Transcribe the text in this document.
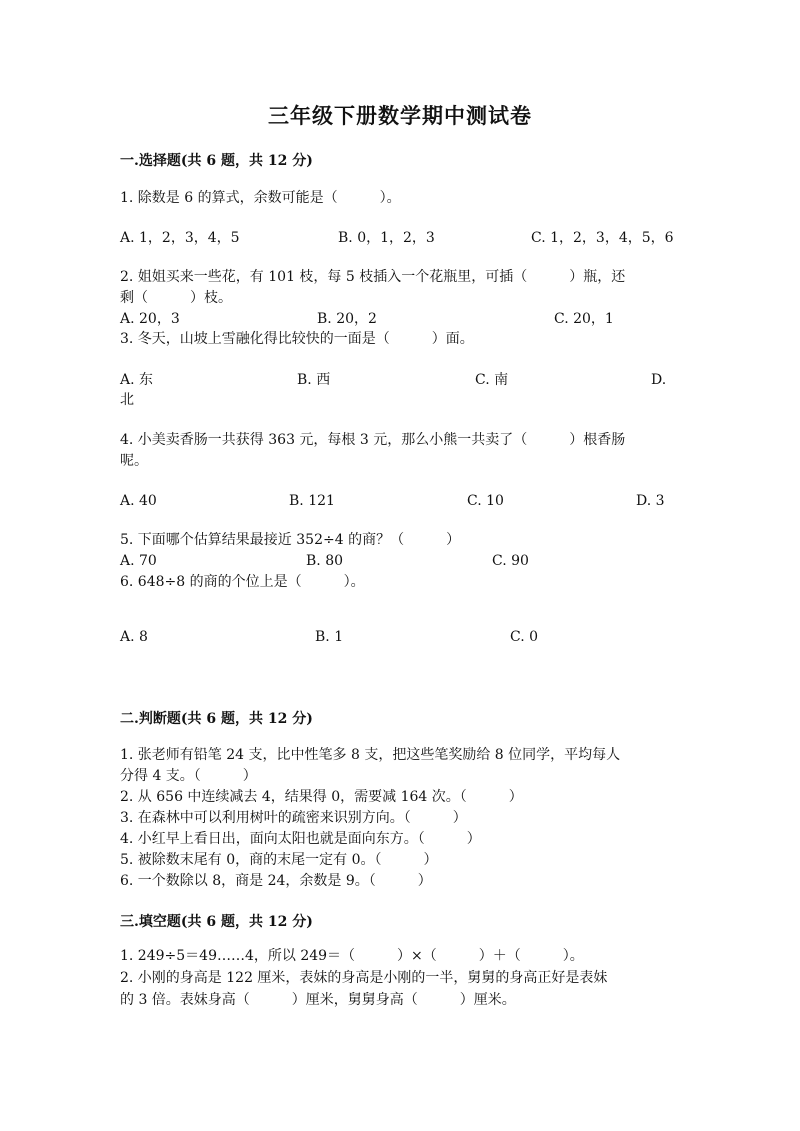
三年级下册数学期中测试卷
一.选择题(共 6 题，共 12 分)
1. 除数是 6 的算式，余数可能是（　　　）。
A. 1，2，3，4，5	B. 0，1，2，3	C. 1，2，3，4，5，6
2. 姐姐买来一些花，有 101 枝，每 5 枝插入一个花瓶里，可插（　　　）瓶，还
剩（　　　）枝。
A. 20，3	B. 20，2	C. 20，1
3. 冬天，山坡上雪融化得比较快的一面是（　　　）面。
A. 东	B. 西	C. 南	D.
北
4. 小美卖香肠一共获得 363 元，每根 3 元，那么小熊一共卖了（　　　）根香肠
呢。
A. 40	B. 121	C. 10	D. 3
5. 下面哪个估算结果最接近 352÷4 的商？（　　　）
A. 70	B. 80	C. 90
6. 648÷8 的商的个位上是（　　　）。
A. 8	B. 1	C. 0
二.判断题(共 6 题，共 12 分)
1. 张老师有铅笔 24 支，比中性笔多 8 支，把这些笔奖励给 8 位同学，平均每人
分得 4 支。（　　　）
2. 从 656 中连续减去 4，结果得 0，需要减 164 次。（　　　）
3. 在森林中可以利用树叶的疏密来识别方向。（　　　）
4. 小红早上看日出，面向太阳也就是面向东方。（　　　）
5. 被除数末尾有 0，商的末尾一定有 0。（　　　）
6. 一个数除以 8，商是 24，余数是 9。（　　　）
三.填空题(共 6 题，共 12 分)
1. 249÷5＝49……4，所以 249＝（　　　）×（　　　）＋（　　　）。
2. 小刚的身高是 122 厘米，表妹的身高是小刚的一半，舅舅的身高正好是表妹
的 3 倍。表妹身高（　　　）厘米，舅舅身高（　　　）厘米。
